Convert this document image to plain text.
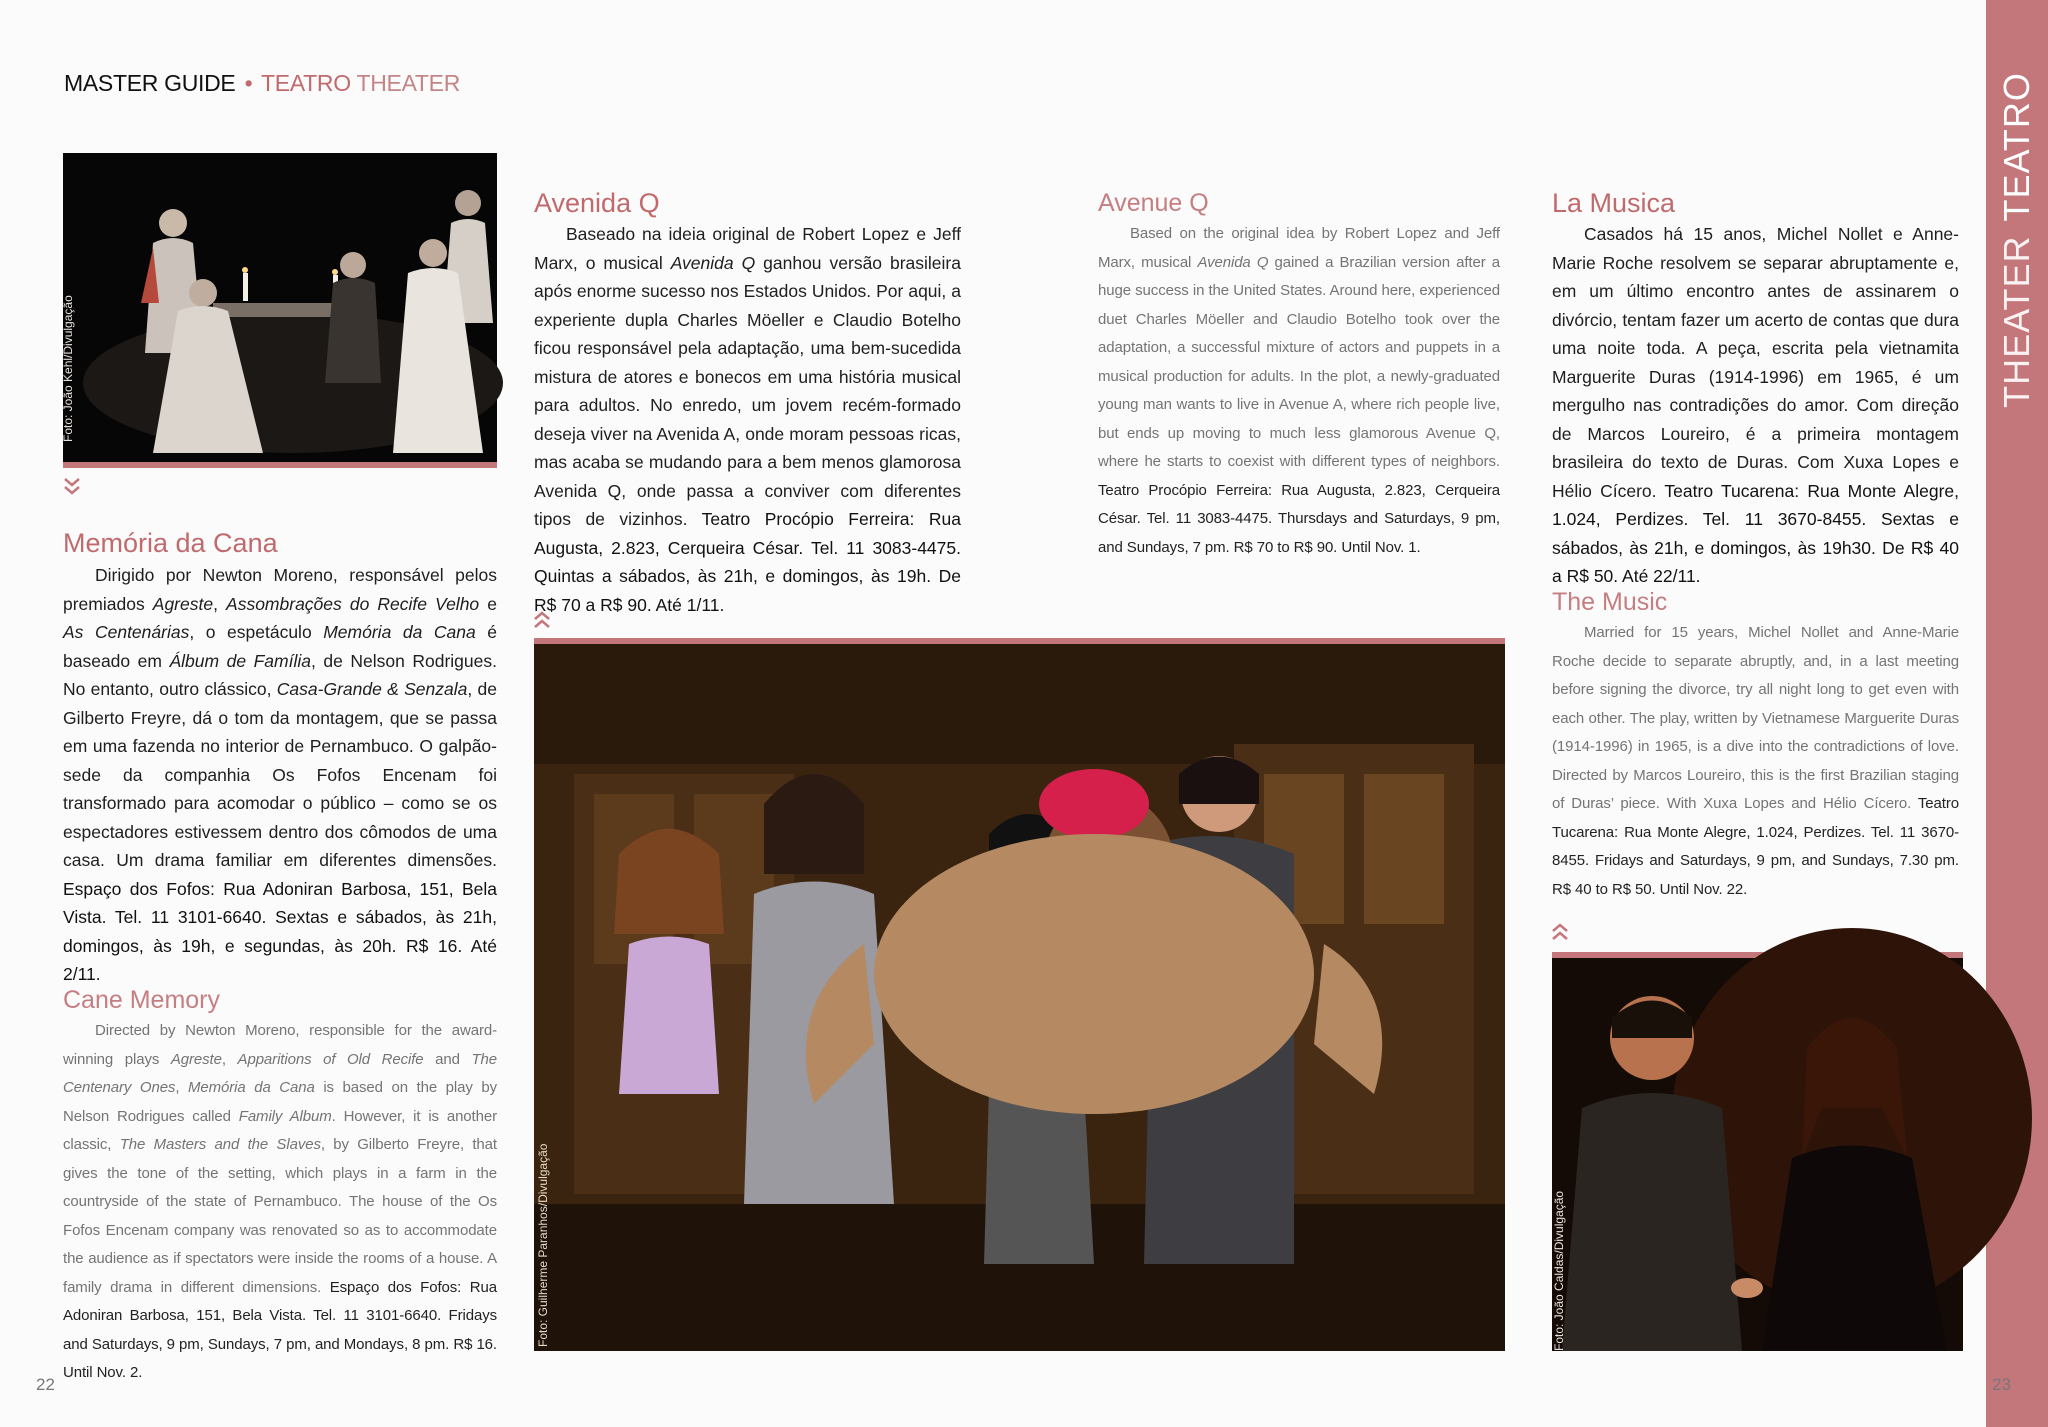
MASTER GUIDE • TEATRO THEATER
THEATERTEATRO
Foto: João Kehl/Divulgação
Memória da Cana

Dirigido por Newton Moreno, responsável pelos premiados Agreste, Assombrações do Recife Velho e As Centenárias, o espetáculo Memória da Cana é baseado em Álbum de Família, de Nelson Rodrigues. No entanto, outro clássico, Casa-Grande & Senzala, de Gilberto Freyre, dá o tom da montagem, que se passa em uma fazenda no interior de Pernambuco. O galpão-sede da companhia Os Fofos Encenam foi transformado para acomodar o público – como se os espectadores estivessem dentro dos cômodos de uma casa. Um drama familiar em diferentes dimensões. Espaço dos Fofos: Rua Adoniran Barbosa, 151, Bela Vista. Tel. 11 3101-6640. Sextas e sábados, às 21h, domingos, às 19h, e segundas, às 20h. R$ 16. Até 2/11.

Cane Memory

Directed by Newton Moreno, responsible for the award-winning plays Agreste, Apparitions of Old Recife and The Centenary Ones, Memória da Cana is based on the play by Nelson Rodrigues called Family Album. However, it is another classic, The Masters and the Slaves, by Gilberto Freyre, that gives the tone of the setting, which plays in a farm in the countryside of the state of Pernambuco. The house of the Os Fofos Encenam company was renovated so as to accommodate the audience as if spectators were inside the rooms of a house. A family drama in different dimensions. Espaço dos Fofos: Rua Adoniran Barbosa, 151, Bela Vista. Tel. 11 3101-6640. Fridays and Saturdays, 9 pm, Sundays, 7 pm, and Mondays, 8 pm. R$ 16. Until Nov. 2.

Avenida Q

Baseado na ideia original de Robert Lopez e Jeff Marx, o musical Avenida Q ganhou versão brasileira após enorme sucesso nos Estados Unidos. Por aqui, a experiente dupla Charles Möeller e Claudio Botelho ficou responsável pela adaptação, uma bem-sucedida mistura de atores e bonecos em uma história musical para adultos. No enredo, um jovem recém-formado deseja viver na Avenida A, onde moram pessoas ricas, mas acaba se mudando para a bem menos glamorosa Avenida Q, onde passa a conviver com diferentes tipos de vizinhos. Teatro Procópio Ferreira: Rua Augusta, 2.823, Cerqueira César. Tel. 11 3083-4475. Quintas a sábados, às 21h, e domingos, às 19h. De R$ 70 a R$ 90. Até 1/11.

Avenue Q

Based on the original idea by Robert Lopez and Jeff Marx, musical Avenida Q gained a Brazilian version after a huge success in the United States. Around here, experienced duet Charles Möeller and Claudio Botelho took over the adaptation, a successful mixture of actors and puppets in a musical production for adults. In the plot, a newly-graduated young man wants to live in Avenue A, where rich people live, but ends up moving to much less glamorous Avenue Q, where he starts to coexist with different types of neighbors. Teatro Procópio Ferreira: Rua Augusta, 2.823, Cerqueira César. Tel. 11 3083-4475. Thursdays and Saturdays, 9 pm, and Sundays, 7 pm. R$ 70 to R$ 90. Until Nov. 1.

Foto: Guilherme Paranhos/Divulgação
La Musica

Casados há 15 anos, Michel Nollet e Anne-Marie Roche resolvem se separar abruptamente e, em um último encontro antes de assinarem o divórcio, tentam fazer um acerto de contas que dura uma noite toda. A peça, escrita pela vietnamita Marguerite Duras (1914-1996) em 1965, é um mergulho nas contradições do amor. Com direção de Marcos Loureiro, é a primeira montagem brasileira do texto de Duras. Com Xuxa Lopes e Hélio Cícero. Teatro Tucarena: Rua Monte Alegre, 1.024, Perdizes. Tel. 11 3670-8455. Sextas e sábados, às 21h, e domingos, às 19h30. De R$ 40 a R$ 50. Até 22/11.

The Music

Married for 15 years, Michel Nollet and Anne-Marie Roche decide to separate abruptly, and, in a last meeting before signing the divorce, try all night long to get even with each other. The play, written by Vietnamese Marguerite Duras (1914-1996) in 1965, is a dive into the contradictions of love. Directed by Marcos Loureiro, this is the first Brazilian staging of Duras’ piece. With Xuxa Lopes and Hélio Cícero. Teatro Tucarena: Rua Monte Alegre, 1.024, Perdizes. Tel. 11 3670-8455. Fridays and Saturdays, 9 pm, and Sundays, 7.30 pm. R$ 40 to R$ 50. Until Nov. 22.

Foto: João Caldas/Divulgação
22	23
